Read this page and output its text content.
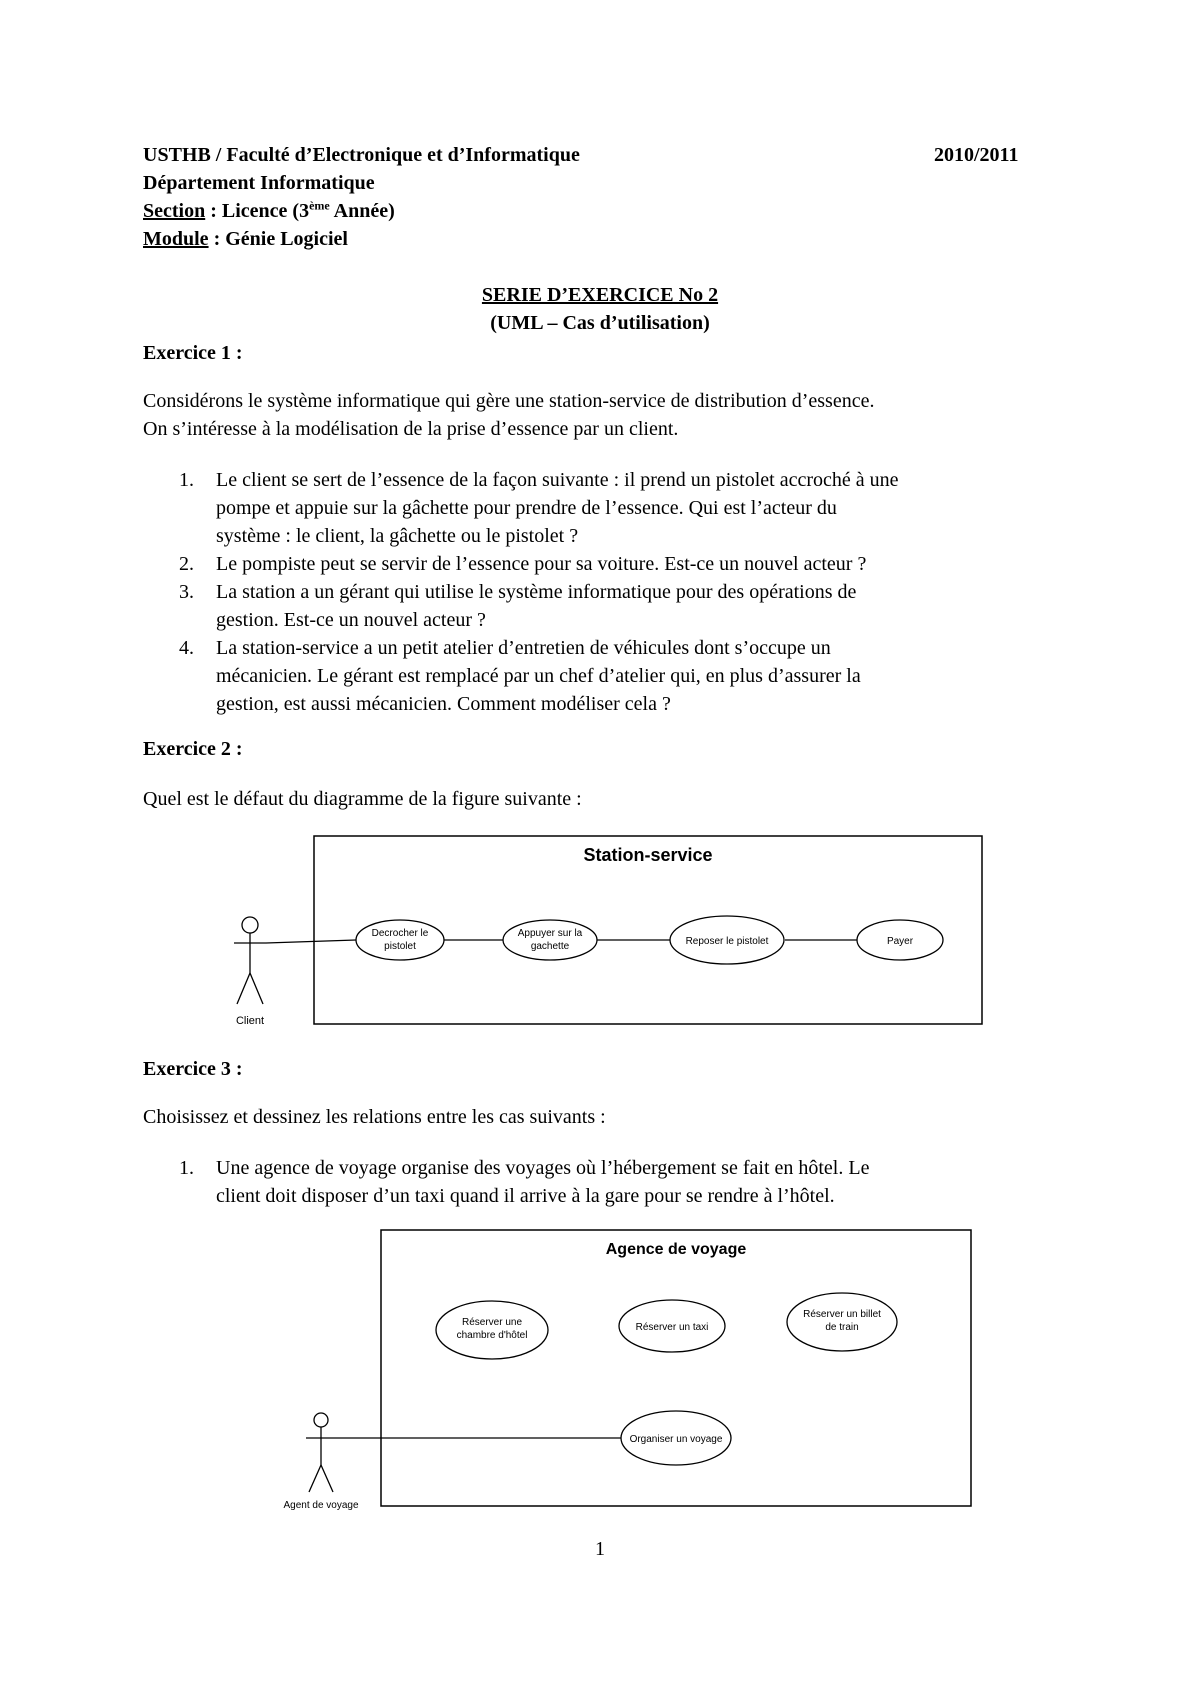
USTHB / Faculté d’Electronique et d’Informatique	2010/2011
Département Informatique
Section : Licence (3ème Année)
Module : Génie Logiciel
SERIE D’EXERCICE No 2
(UML – Cas d’utilisation)
Exercice 1 :
Considérons le système informatique qui gère une station-service de distribution d’essence.
On s’intéresse à la modélisation de la prise d’essence par un client.
1.	Le client se sert de l’essence de la façon suivante : il prend un pistolet accroché à une
pompe et appuie sur la gâchette pour prendre de l’essence. Qui est l’acteur du
système : le client, la gâchette ou le pistolet ?
2.	Le pompiste peut se servir de l’essence pour sa voiture. Est-ce un nouvel acteur ?
3.	La station a un gérant qui utilise le système informatique pour des opérations de
gestion. Est-ce un nouvel acteur ?
4.	La station-service a un petit atelier d’entretien de véhicules dont s’occupe un
mécanicien. Le gérant est remplacé par un chef d’atelier qui, en plus d’assurer la
gestion, est aussi mécanicien. Comment modéliser cela ?
Exercice 2 :
Quel est le défaut du diagramme de la figure suivante :
Station-service
Client
Decrocher le
pistolet
Appuyer sur la
gachette	Reposer le pistolet	Payer
Agence de voyage
Agent de voyage
Réserver une
chambre d'hôtel
Réserver un taxi
Réserver un billet
de train
Organiser un voyage
Exercice 3 :
Choisissez et dessinez les relations entre les cas suivants :
1.	Une agence de voyage organise des voyages où l’hébergement se fait en hôtel. Le
client doit disposer d’un taxi quand il arrive à la gare pour se rendre à l’hôtel.
1
